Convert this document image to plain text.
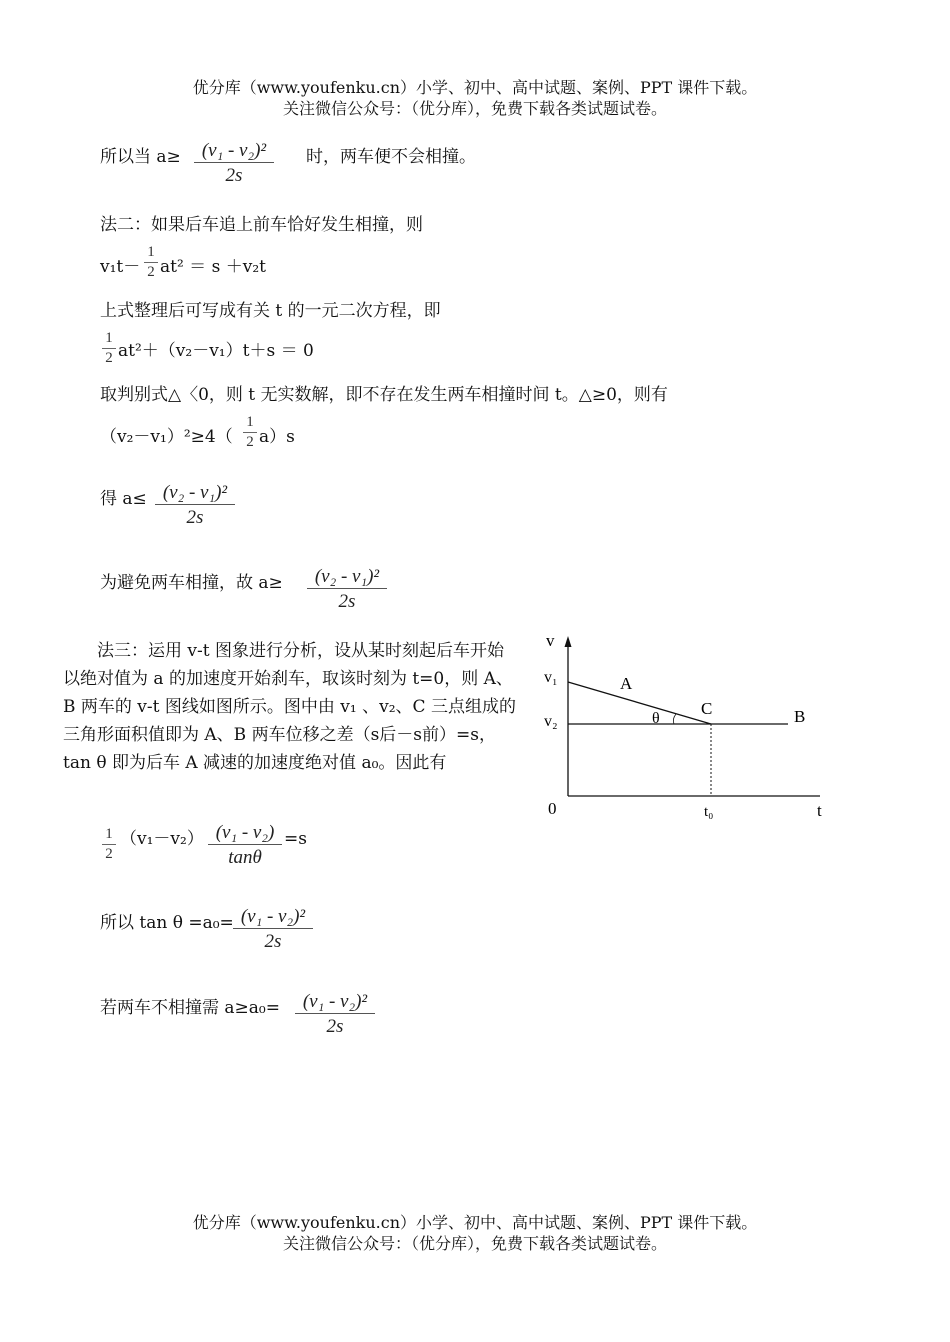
优分库（www.youfenku.cn）小学、初中、高中试题、案例、PPT 课件下载。
关注微信公众号：（优分库），免费下载各类试题试卷。
所以当 a≥	(v₁ - v₂)²
2s
时，两车便不会相撞。
法二：如果后车追上前车恰好发生相撞，则
v₁t－
1
2 at² ＝ s ＋v₂t
上式整理后可写成有关 t 的一元二次方程，即
1
2 at²＋（v₂－v₁）t＋s ＝ 0
取判别式△〈0，则 t 无实数解，即不存在发生两车相撞时间 t。△≥0，则有
（v₂－v₁）²≥4（
1
2 a）s
得 a≤ (v₂ - v₁)²
2s
为避免两车相撞，故 a≥	(v₂ - v₁)²
2s
法三：运用 v-t 图象进行分析，设从某时刻起后车开始以绝对值为 a 的加速度开始刹车，取该时刻为 t=0，则 A、B 两车的 v-t 图线如图所示。图中由 v₁ 、v₂、C 三点组成的三角形面积值即为 A、B 两车位移之差（s后－s前）=s，tan θ 即为后车 A 减速的加速度绝对值 a₀。因此有
1
2
（v₁－v₂） (v₁ - v₂)
tanθ
=s
所以 tan θ =a₀= (v₁ - v₂)²
2s
若两车不相撞需 a≥a₀=	(v₁ - v₂)²
2s
v
t
0
v₁
v₂
t₀
A
B
C
θ
优分库（www.youfenku.cn）小学、初中、高中试题、案例、PPT 课件下载。
关注微信公众号：（优分库），免费下载各类试题试卷。
